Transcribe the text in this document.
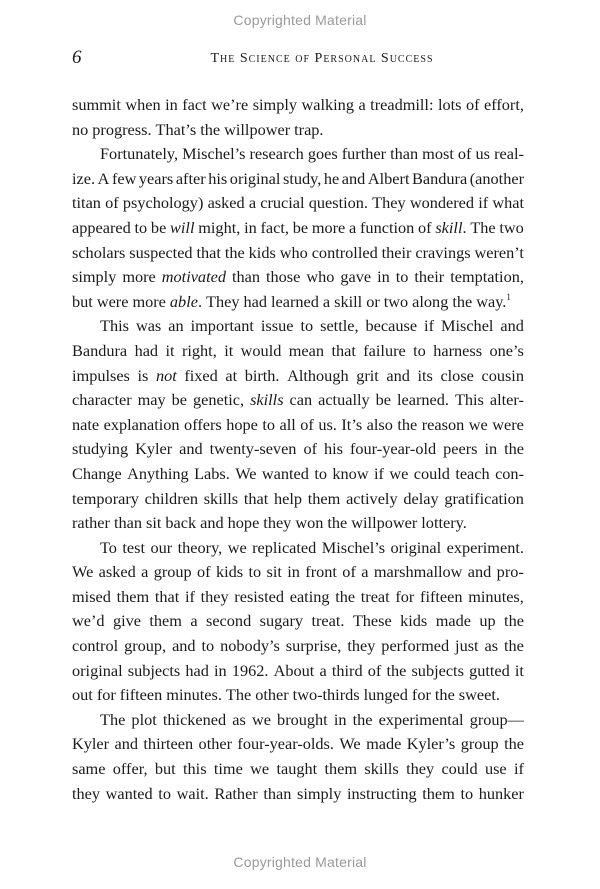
Copyrighted Material
6	The Science of Personal Success
summit when in fact we’re simply walking a treadmill: lots of effort,
no progress. That’s the willpower trap.
Fortunately, Mischel’s research goes further than most of us real-
ize. A few years after his original study, he and Albert Bandura (another
titan of psychology) asked a crucial question. They wondered if what
appeared to be will might, in fact, be more a function of skill. The two
scholars suspected that the kids who controlled their cravings weren’t
simply more motivated than those who gave in to their temptation,
but were more able. They had learned a skill or two along the way.$^1$
This was an important issue to settle, because if Mischel and
Bandura had it right, it would mean that failure to harness one’s
impulses is not fixed at birth. Although grit and its close cousin
character may be genetic, skills can actually be learned. This alter-
nate explanation offers hope to all of us. It’s also the reason we were
studying Kyler and twenty-seven of his four-year-old peers in the
Change Anything Labs. We wanted to know if we could teach con-
temporary children skills that help them actively delay gratification
rather than sit back and hope they won the willpower lottery.
To test our theory, we replicated Mischel’s original experiment.
We asked a group of kids to sit in front of a marshmallow and pro-
mised them that if they resisted eating the treat for fifteen minutes,
we’d give them a second sugary treat. These kids made up the
control group, and to nobody’s surprise, they performed just as the
original subjects had in 1962. About a third of the subjects gutted it
out for fifteen minutes. The other two-thirds lunged for the sweet.
The plot thickened as we brought in the experimental group—
Kyler and thirteen other four-year-olds. We made Kyler’s group the
same offer, but this time we taught them skills they could use if
they wanted to wait. Rather than simply instructing them to hunker
Copyrighted Material
